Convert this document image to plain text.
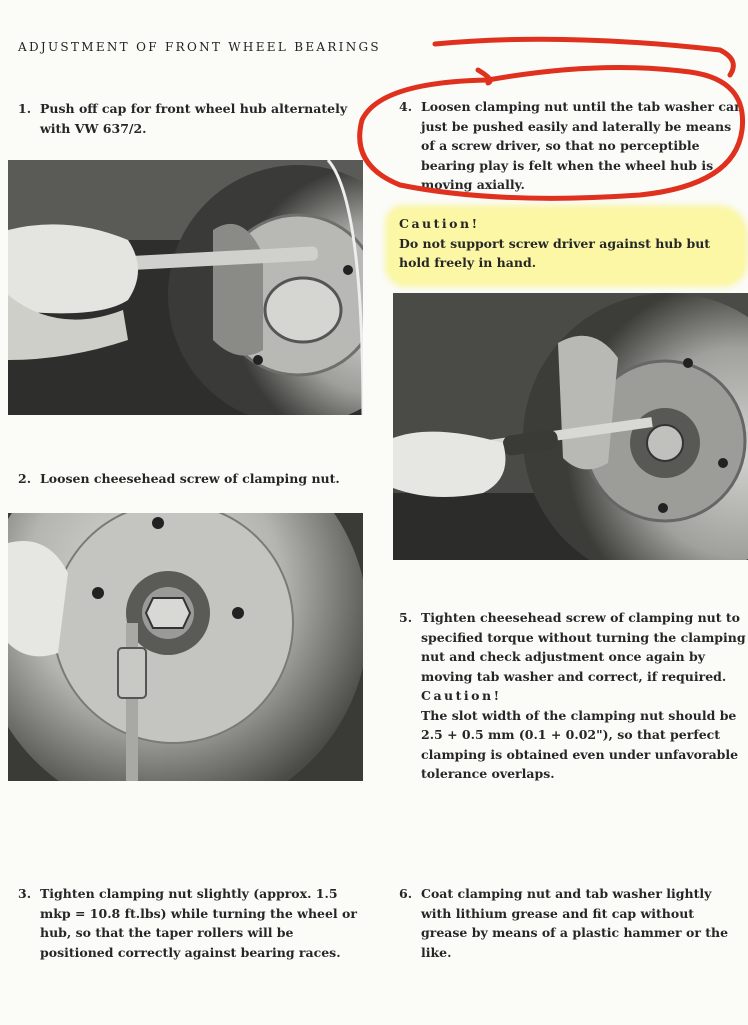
ADJUSTMENT OF FRONT WHEEL BEARINGS
1. Push off cap for front wheel hub alternately with VW 637/2.
2. Loosen cheesehead screw of clamping nut.
3. Tighten clamping nut slightly (approx. 1.5 mkp = 10.8 ft.lbs) while turning the wheel or hub, so that the taper rollers will be positioned correctly against bearing races.
4. Loosen clamping nut until the tab washer can just be pushed easily and laterally be means of a screw driver, so that no perceptible bearing play is felt when the wheel hub is moving axially.
Caution!
Do not support screw driver against hub but hold freely in hand.
5. Tighten cheesehead screw of clamping nut to specified torque without turning the clamping nut and check adjustment once again by moving tab washer and correct, if required.
Caution!
The slot width of the clamping nut should be 2.5 + 0.5 mm (0.1 + 0.02"), so that perfect clamping is obtained even under unfavorable tolerance overlaps.
6. Coat clamping nut and tab washer lightly with lithium grease and fit cap without grease by means of a plastic hammer or the like.
